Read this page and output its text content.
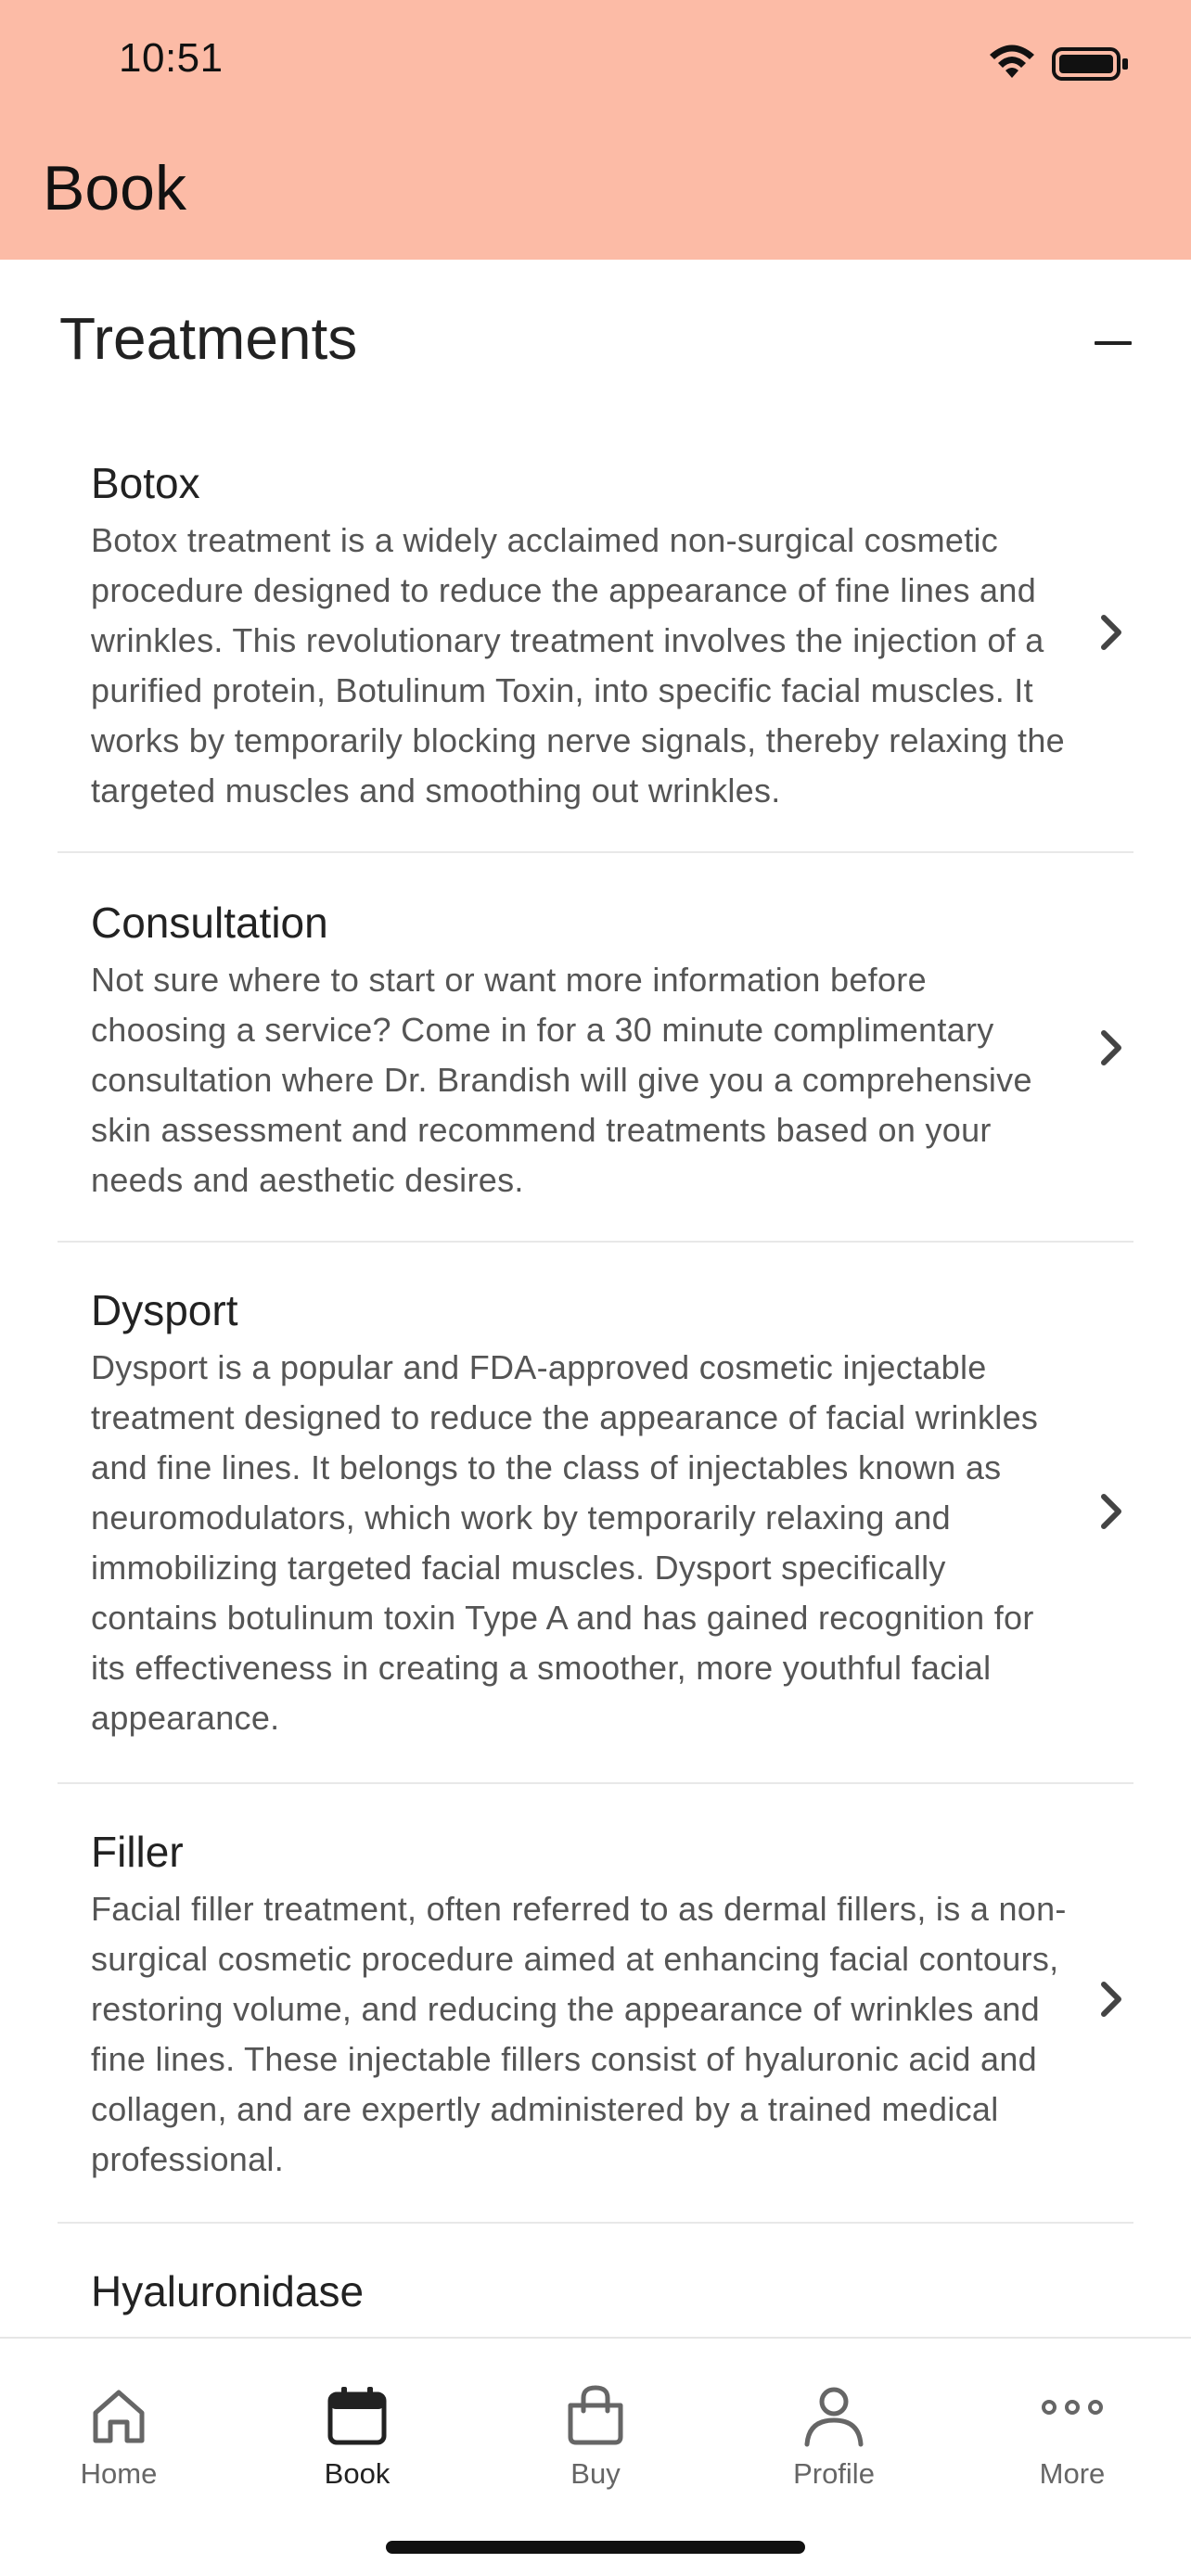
10:51
Book
Treatments
Botox
Botox treatment is a widely acclaimed non-surgical cosmetic
procedure designed to reduce the appearance of fine lines and
wrinkles. This revolutionary treatment involves the injection of a
purified protein, Botulinum Toxin, into specific facial muscles. It
works by temporarily blocking nerve signals, thereby relaxing the
targeted muscles and smoothing out wrinkles.
Consultation
Not sure where to start or want more information before
choosing a service? Come in for a 30 minute complimentary
consultation where Dr. Brandish will give you a comprehensive
skin assessment and recommend treatments based on your
needs and aesthetic desires.
Dysport
Dysport is a popular and FDA-approved cosmetic injectable
treatment designed to reduce the appearance of facial wrinkles
and fine lines. It belongs to the class of injectables known as
neuromodulators, which work by temporarily relaxing and
immobilizing targeted facial muscles. Dysport specifically
contains botulinum toxin Type A and has gained recognition for
its effectiveness in creating a smoother, more youthful facial
appearance.
Filler
Facial filler treatment, often referred to as dermal fillers, is a non-
surgical cosmetic procedure aimed at enhancing facial contours,
restoring volume, and reducing the appearance of wrinkles and
fine lines. These injectable fillers consist of hyaluronic acid and
collagen, and are expertly administered by a trained medical
professional.
Hyaluronidase
Home	Book	Buy	Profile	More
